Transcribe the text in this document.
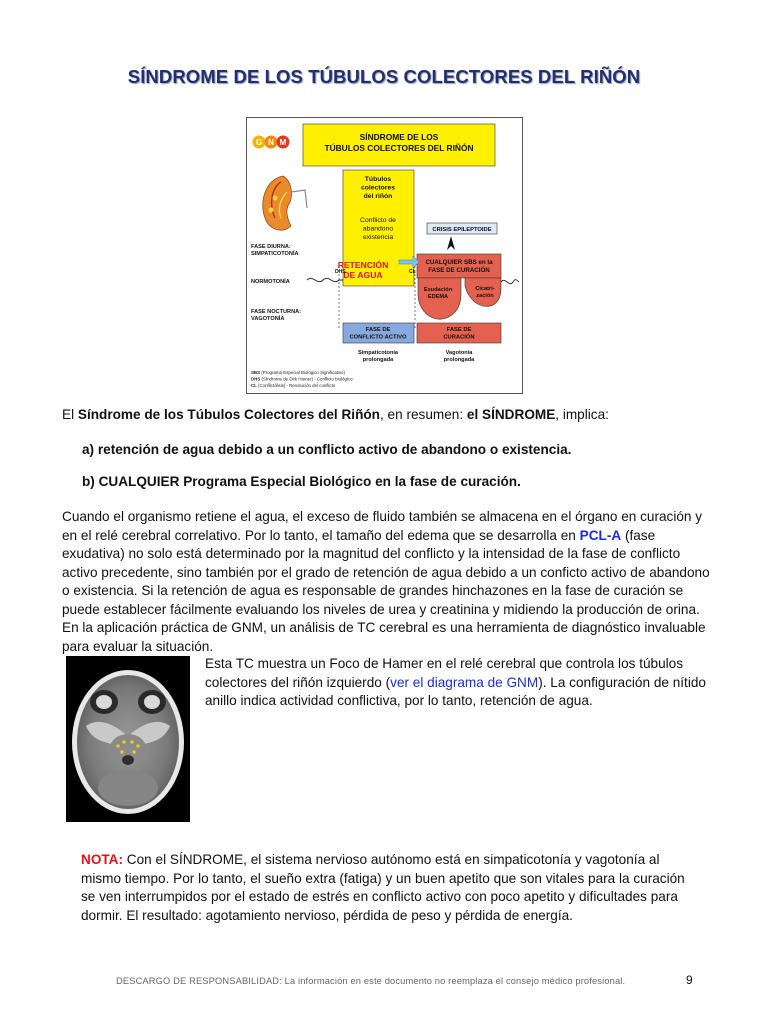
SÍNDROME DE LOS TÚBULOS COLECTORES DEL RIÑÓN
G N M
SÍNDROME DE LOS TÚBULOS COLECTORES DEL RIÑÓN
Túbulos colectores del riñón
Conflicto de abandono existencia
RETENCIÓN DE AGUA
CUALQUIER SBS en la FASE DE CURACIÓN
CRISIS EPILEPTOIDE
Exudación EDEMA
Cicatri-zación
FASE DIURNA: SIMPATICOTONÍA
NORMOTONÍA
FASE NOCTURNA: VAGOTONÍA
DHS	CL
FASE DE CONFLICTO ACTIVO
FASE DE CURACIÓN
Simpaticotonía prolongada
Vagotonía prolongada
SBS (Programa Especial Biológico Significativo)
DHS (Síndrome de Dirk Hamer) - Conflicto biológico
CL (Conflictólisis) - Resolución del conflicto
El Síndrome de los Túbulos Colectores del Riñón, en resumen: el SÍNDROME, implica:
a) retención de agua debido a un conflicto activo de abandono o existencia.
b) CUALQUIER Programa Especial Biológico en la fase de curación.
Cuando el organismo retiene el agua, el exceso de fluido también se almacena en el órgano en curación y en el relé cerebral correlativo. Por lo tanto, el tamaño del edema que se desarrolla en PCL-A (fase exudativa) no solo está determinado por la magnitud del conflicto y la intensidad de la fase de conflicto activo precedente, sino también por el grado de retención de agua debido a un conficto activo de abandono o existencia. Si la retención de agua es responsable de grandes hinchazones en la fase de curación se puede establecer fácilmente evaluando los niveles de urea y creatinina y midiendo la producción de orina. En la aplicación práctica de GNM, un análisis de TC cerebral es una herramienta de diagnóstico invaluable para evaluar la situación.
Esta TC muestra un Foco de Hamer en el relé cerebral que controla los túbulos colectores del riñón izquierdo (ver el diagrama de GNM). La configuración de nítido anillo indica actividad conflictiva, por lo tanto, retención de agua.
NOTA: Con el SÍNDROME, el sistema nervioso autónomo está en simpaticotonía y vagotonía al mismo tiempo. Por lo tanto, el sueño extra (fatiga) y un buen apetito que son vitales para la curación se ven interrumpidos por el estado de estrés en conflicto activo con poco apetito y dificultades para dormir. El resultado: agotamiento nervioso, pérdida de peso y pérdida de energía.
DESCARGO DE RESPONSABILIDAD: La información en este documento no reemplaza el consejo médico profesional.	9
